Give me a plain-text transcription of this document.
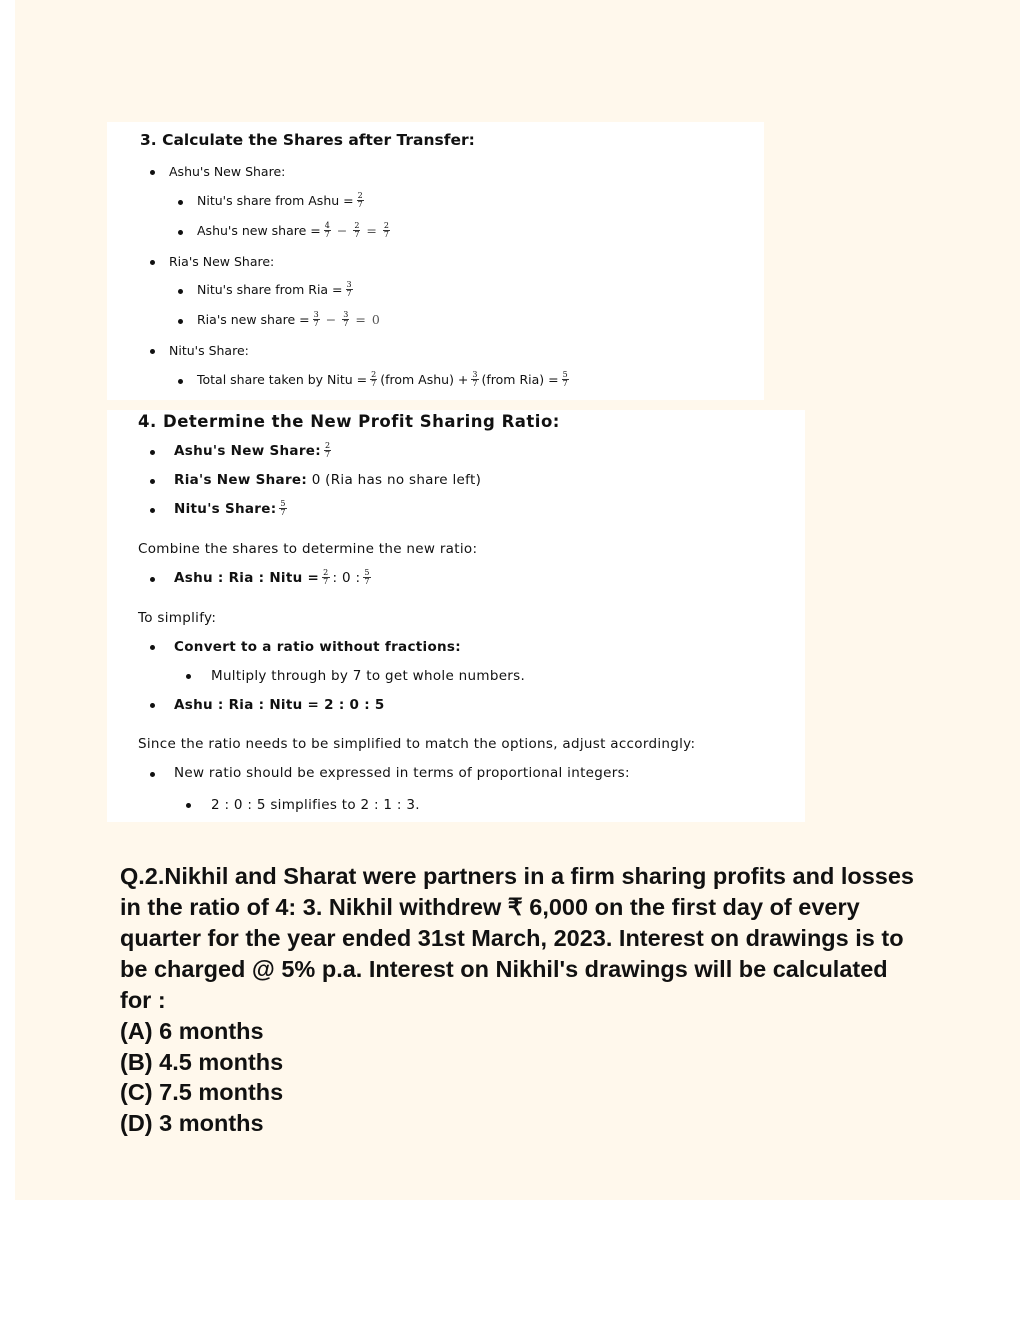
3. Calculate the Shares after Transfer:
Ashu's New Share:
Nitu's share from Ashu = $\frac{2}{7}$
Ashu's new share = $\frac{4}{7} - \frac{2}{7} = \frac{2}{7}$
Ria's New Share:
Nitu's share from Ria = $\frac{3}{7}$
Ria's new share = $\frac{3}{7} - \frac{3}{7} = 0$
Nitu's Share:
Total share taken by Nitu = $\frac{2}{7}$ (from Ashu) + $\frac{3}{7}$ (from $Ria) = \frac{5}{7}$
4. Determine the New Profit Sharing Ratio:
Ashu's New Share: 2
7
Ria's New Share:
0 (Ria has no share left)
Nitu's Share: 5
7
Combine the shares to determine the new ratio:
Ashu : Ria : Nitu = $\frac{2}{7}$ : 0 : 5
7
To simplify:
Convert to a ratio without fractions:
Multiply through by 7 to get whole numbers.
Ashu : Ria : Nitu = 2 : 0 : 5
Since the ratio needs to be simplified to match the options, adjust accordingly:
New ratio should be expressed in terms of proportional integers:
2 : 0 : 5 simplifies to 2 : 1 : 3.
Q.2.Nikhil and Sharat were partners in a firm sharing profits and losses in the ratio of 4: 3. Nikhil withdrew ₹ 6,000 on the first day of every quarter for the year ended 31st March, 2023. Interest on drawings is to be charged @ 5% p.a. Interest on Nikhil's drawings will be calculated for :
(A) 6 months
(B) 4.5 months
(C) 7.5 months
(D) 3 months
